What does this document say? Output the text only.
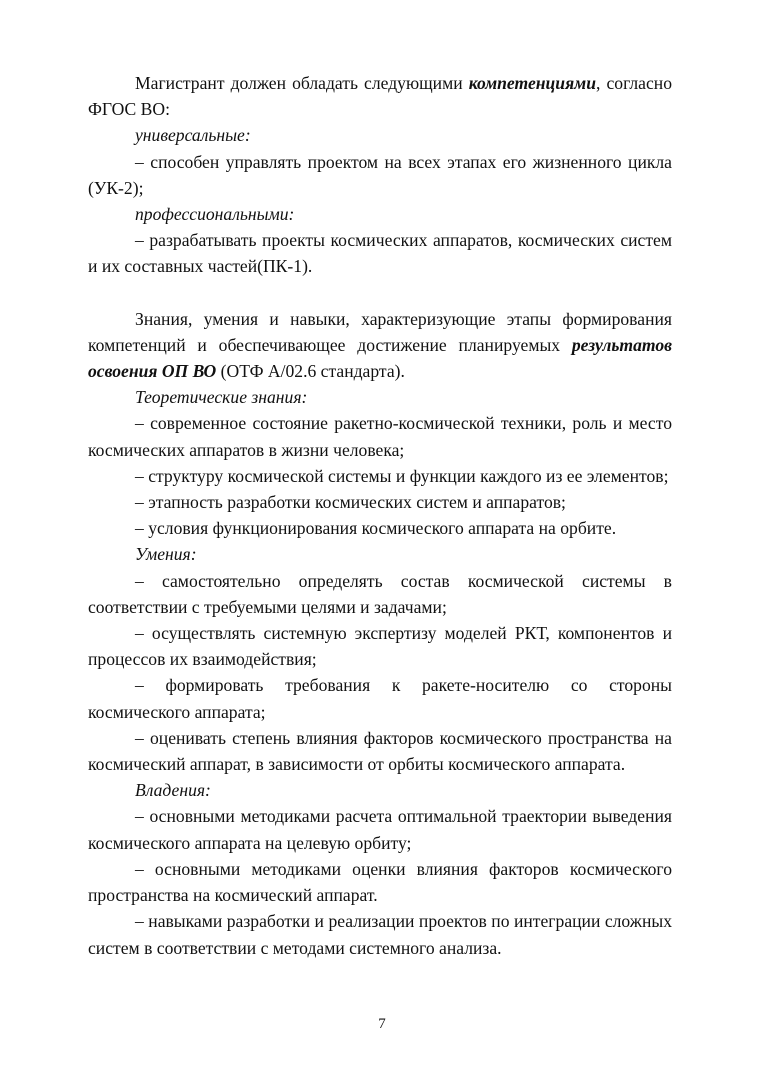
Магистрант должен обладать следующими компетенциями, согласно ФГОС ВО:

универсальные:

– способен управлять проектом на всех этапах его жизненного цикла (УК-2);

профессиональными:

– разрабатывать проекты космических аппаратов, космических систем и их составных частей(ПК-1).

Знания, умения и навыки, характеризующие этапы формирования компетенций и обеспечивающее достижение планируемых результатов освоения ОП ВО (ОТФ А/02.6 стандарта).

Теоретические знания:

– современное состояние ракетно-космической техники, роль и место космических аппаратов в жизни человека;

– структуру космической системы и функции каждого из ее элементов;

– этапность разработки космических систем и аппаратов;

– условия функционирования космического аппарата на орбите.

Умения:

– самостоятельно определять состав космической системы в соответствии с требуемыми целями и задачами;

– осуществлять системную экспертизу моделей РКТ, компонентов и процессов их взаимодействия;

– формировать требования к ракете-носителю со стороны космического аппарата;

– оценивать степень влияния факторов космического пространства на космический аппарат, в зависимости от орбиты космического аппарата.

Владения:

– основными методиками расчета оптимальной траектории выведения космического аппарата на целевую орбиту;

– основными методиками оценки влияния факторов космического пространства на космический аппарат.

– навыками разработки и реализации проектов по интеграции сложных систем в соответствии с методами системного анализа.

7
